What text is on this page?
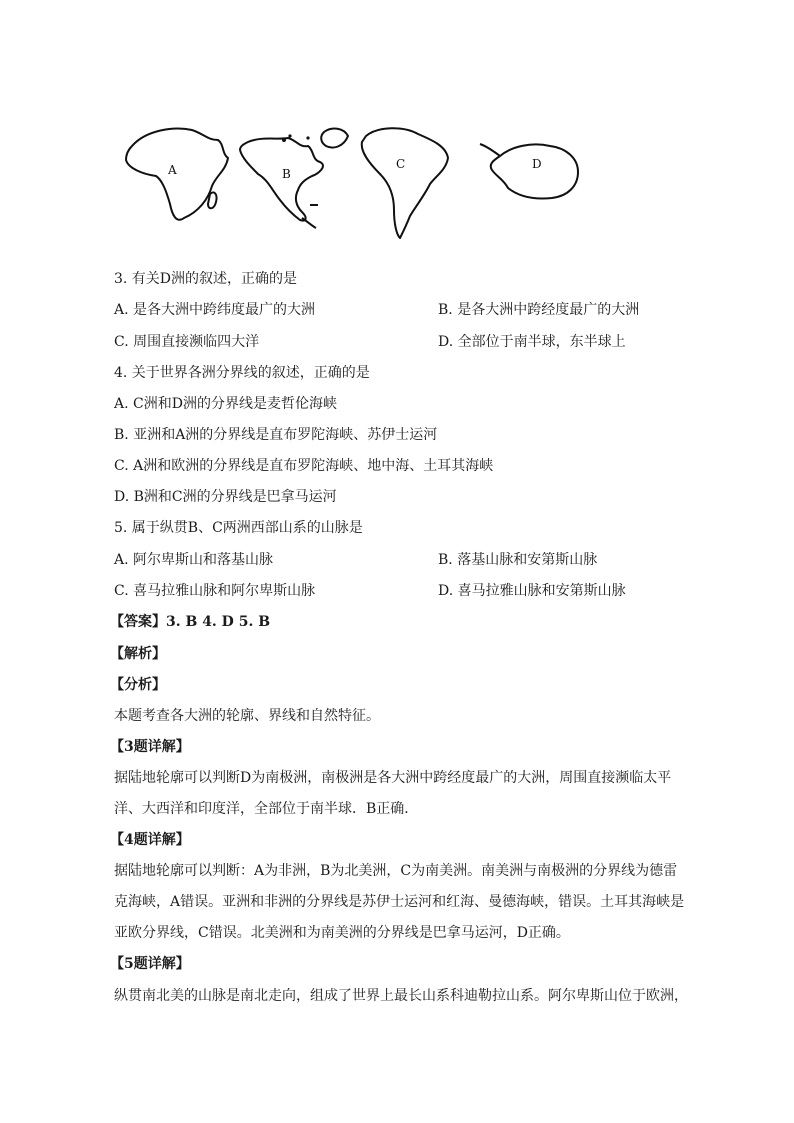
A	B
C	D
3. 有关D洲的叙述，正确的是
A. 是各大洲中跨纬度最广的大洲	B. 是各大洲中跨经度最广的大洲
C. 周围直接濒临四大洋	D. 全部位于南半球，东半球上
4. 关于世界各洲分界线的叙述，正确的是
A. C洲和D洲的分界线是麦哲伦海峡
B. 亚洲和A洲的分界线是直布罗陀海峡、苏伊士运河
C. A洲和欧洲的分界线是直布罗陀海峡、地中海、土耳其海峡
D. B洲和C洲的分界线是巴拿马运河
5. 属于纵贯B、C两洲西部山系的山脉是
A. 阿尔卑斯山和落基山脉	B. 落基山脉和安第斯山脉
C. 喜马拉雅山脉和阿尔卑斯山脉	D. 喜马拉雅山脉和安第斯山脉
【答案】3. B 4. D 5. B
【解析】
【分析】
本题考查各大洲的轮廓、界线和自然特征。
【3题详解】
据陆地轮廓可以判断D为南极洲，南极洲是各大洲中跨经度最广的大洲，周围直接濒临太平
洋、大西洋和印度洋，全部位于南半球．B正确．
【4题详解】
据陆地轮廓可以判断：A为非洲，B为北美洲，C为南美洲。南美洲与南极洲的分界线为德雷
克海峡，A错误。亚洲和非洲的分界线是苏伊士运河和红海、曼德海峡，错误。土耳其海峡是
亚欧分界线，C错误。北美洲和为南美洲的分界线是巴拿马运河，D正确。
【5题详解】
纵贯南北美的山脉是南北走向，组成了世界上最长山系科迪勒拉山系。阿尔卑斯山位于欧洲，
